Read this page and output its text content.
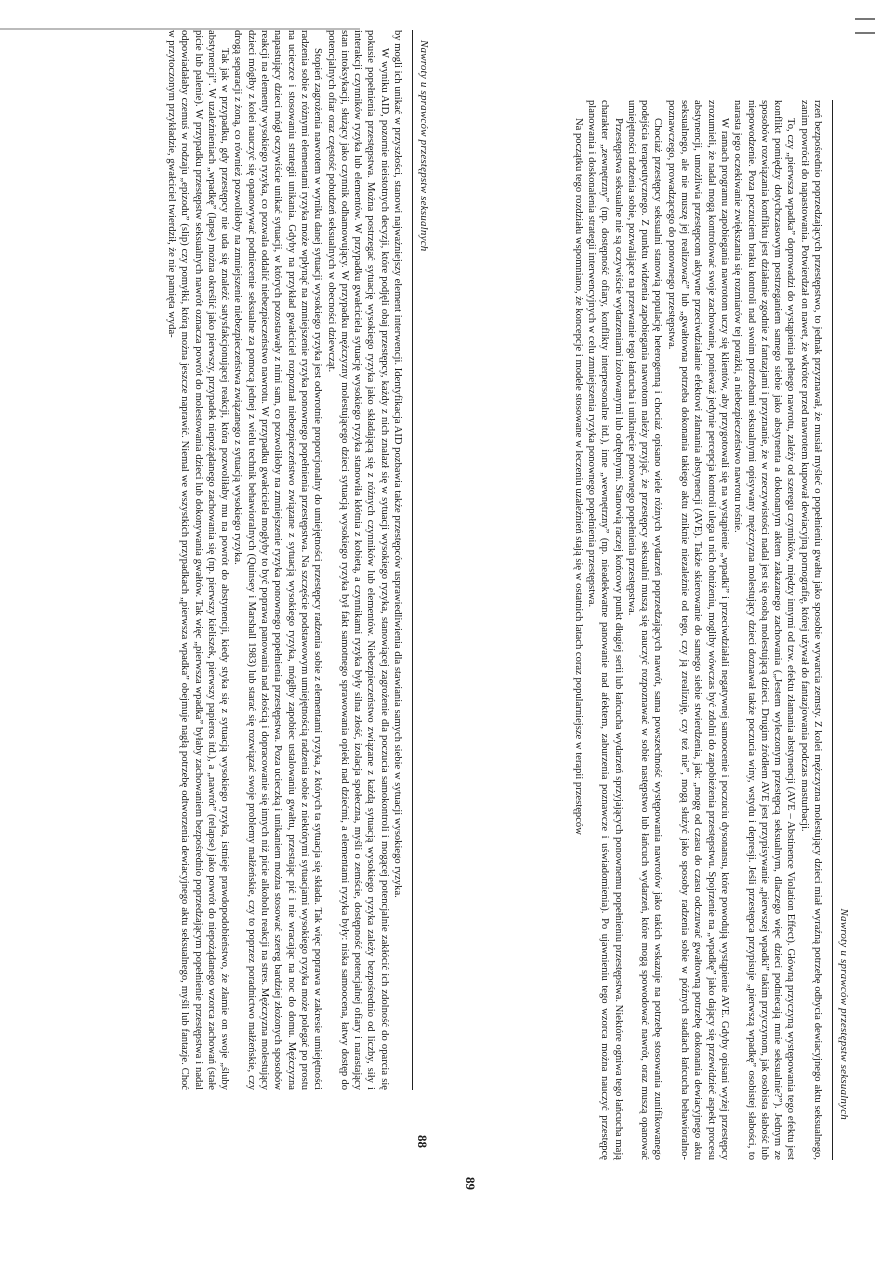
Nawroty u sprawców przestępstw seksualnych
88

by mogli ich unikać w przyszłości, stanowi najważniejszy element interwencji. Identyfikacja AID pozbawia także przestępców usprawiedliwienia dla stawiania samych siebie w sytuacji wysokiego ryzyka.

W wyniku AID, pozornie nieistotnych decyzji, które podjęli obaj przestępcy, każdy z nich znalazł się w sytuacji wysokiego ryzyka, stanowiącej zagrożenie dla poczucia samokontroli i mogącej potencjalnie zakłócić ich zdolność do oparcia się pokusie popełnienia przestępstwa. Można postrzegać sytuację wysokiego ryzyka jako składającą się z różnych czynników lub elementów. Niebezpieczeństwo związane z każdą sytuacją wysokiego ryzyka zależy bezpośrednio od liczby, siły i interakcji czynników ryzyka lub elementów. W przypadku gwałciciela sytuację wysokiego ryzyka stanowiła kłótnia z kobietą, a czynnikami ryzyka były silna złość, izolacja społeczna, myśli o zemście, dostępność potencjalnej ofiary i narastający stan intoksykacji, służący jako czynnik odhamowujący. W przypadku mężczyzny molestującego dzieci sytuacją wysokiego ryzyka był fakt samotnego sprawowania opieki nad dziećmi, a elementami ryzyka były: niska samoocena, łatwy dostęp do potencjalnych ofiar oraz częstość pobudzeń seksualnych w obecności dziewcząt.

Stopień zagrożenia nawrotem w wyniku danej sytuacji wysokiego ryzyka jest odwrotnie proporcjonalny do umiejętności przestępcy radzenia sobie z elementami ryzyka, z których ta sytuacja się składa. Tak więc poprawa w zakresie umiejętności radzenia sobie z różnymi elementami ryzyka może wpłynąć na zmniejszenie ryzyka ponownego popełnienia przestępstwa. Na szczęście podstawowym umiejętnością radzenia sobie z niektórymi sytuacjami wysokiego ryzyka może polegać po prostu na ucieczce i stosowaniu strategii unikania. Gdyby na przykład gwałciciel rozpoznał niebezpieczeństwo związane z sytuacją wysokiego ryzyka, mógłby zapobiec ustalowaniu gwałtu, przestając pić i nie wracając na noc do domu. Mężczyzna napastujący dzieci mógł oczywiście unikać sytuacji, w których pozostawały z nimi sam, co pozwoliłoby na zmniejszenie ryzyka ponownego popełnienia przestępstwa. Poza ucieczką i unikaniem można stosować szereg bardziej złożonych sposobów reakcji na elementy wysokiego ryzyka, co pozwala oddalić niebezpieczeństwo nawrotu. W przypadku gwałciciela mogłyby to być poprawa panowania nad złością i dopracowanie się innych niż picie alkoholu reakcji na stres. Mężczyzna molestujący dzieci mógłby z kolei nauczyć się opanowywać podniecenie seksualne za pomocą jednej z wielu technik behawioralnych (Quinsey i Marshall 1983) lub starać się rozwiązać swoje problemy małżeńskie, czy to poprzez poradnictwo małżeńskie, czy drogą separacji z żoną, co również pozwoliłoby na zmniejszenie niebezpieczeństwa związanego z sytuacją wysokiego ryzyka.

Tak jak w przypadku, gdy przestępcy nie uda się znaleźć satysfakcjonującej reakcji, która pozwoliłaby mu na powrót do abstynencji, kiedy styka się z sytuacją wysokiego ryzyka, istnieje prawdopodobieństwo, że złamie on swoje „śluby abstynencji”. W uzależnieniach „wpadkę” (lapse) można określić jako pierwszy, przypadek niepożądanego zachowania się (np. pierwszy kieliszek, pierwszy papieros itd.), a „nawrót” (relapse) jako powrót do niepożądanego wzorca zachowań (stałe picie lub palenie). W przypadku przestępstw seksualnych nawrót oznacza powrót do molestowania dzieci lub dokonywania gwałtów. Tak więc „pierwsza wpadka” byłaby zachowaniem bezpośrednio poprzedzającym popełnienie przestępstwa i nadal odpowiadałaby czemuś w rodzaju „epizodu” (slip) czy pomyłki, którą można jeszcze naprawić. Niemal we wszystkich przypadkach „pierwsza wpadka” obejmuje nagłą potrzebę odtworzenia dewiacyjnego aktu seksualnego, myśli lub fantazje. Choć w przytoczonym przykładzie, gwałciciel twierdził, że nie pamięta wyda-

Nawroty u sprawców przestępstw seksualnych
89

rzeń bezpośrednio poprzedzających przestępstwo, to jednak przyznawał, że musiał myśleć o popełnieniu gwałtu jako sposobie wywarcia zemsty. Z kolei mężczyzna molestujący dzieci miał wyraźną potrzebę odbycia dewiacyjnego aktu seksualnego, zanim powrócił do napastowania. Potwierdzał on nawet, że wkrótce przed nawrotem kupował dewiacyjną pornografię, której używał do fantazjowania podczas masturbacji.

To, czy „pierwsza wpadka” doprowadzi do wystąpienia pełnego nawrotu, zależy od szeregu czynników, między innymi od tzw. efektu złamania abstynencji (AVE – Abstinence Violation Effect). Główną przyczyną występowania tego efektu jest konflikt pomiędzy dotychczasowym postrzeganiem samego siebie jako abstynenta a dokonanym aktem zakazanego zachowania („Jestem wyleczonym przestępcą seksualnym, dlaczego więc dzieci podniecają mnie seksualnie?”). Jednym ze sposobów rozwiązania konfliktu jest działanie zgodnie z fantazjami i przyznanie, że w rzeczywistości nadal jest się osobą molestującą dzieci. Drugim źródłem AVE jest przypisywanie „pierwszej wpadki” takim przyczynom, jak osobista słabość lub niepowodzenie. Poza poczuciem braku kontroli nad swoim potrzebami seksualnymi opisywany mężczyzna molestujący dzieci doznawał także poczucia winy, wstydu i depresji. Jeśli przestępca przypisuje „pierwszą wpadkę” osobistej słabości, to narasta jego oczekiwanie zwiększania się rozmiarów tej porażki, a niebezpieczeństwo nawrotu rośnie.

W ramach programu zapobiegania nawrotom uczy się klientów, aby przygotowali się na wystąpienie „wpadki” i przeciwdziałali negatywnej samoocenie i poczuciu dysonansu, które powodują wystąpienie AVE. Gdyby opisani wyżej przestępcy zrozumieli, że nadal mogą kontrolować swoje zachowanie, ponieważ jedynie percepcja kontroli ulega u nich obniżeniu, mogliby wówczas być zdolni do zapobieżenia przestępstwu. Spojrzenie na „wpadkę” jako dający się przewidzieć aspekt procesu abstynencji, umożliwia przestępcom aktywne przeciwdziałanie efektowi złamania abstynencji (AVE). Także skierowanie do samego siebie stwierdzenia, jak: „mogę od czasu do czasu odczuwać gwałtowną potrzebę dokonania dewiacyjnego aktu seksualnego, ale nie muszę jej realizować” lub „gwałtowna potrzeba dokonania takiego aktu zniknie niezależnie od tego, czy ją zrealizuję, czy też nie”, mogą służyć jako sposoby radzenia sobie w późnych stadiach łańcucha behawioralno-poznawczego, prowadzącego do ponownego przestępstwa.

Chociaż przestępcy seksualni stanowią populację heterogenną i chociaż opisano wiele różnych wydarzeń poprzedzających nawrót, sama powszechność występowania nawrotów jako takich wskazuje na potrzebę stosowania zunifikowanego podejścia terapeutycznego. Z punktu widzenia zapobiegania nawrotom należy przyjąć, że przestępcy seksualni muszą się nauczyć rozpoznawać w sobie następstwo lub łańcuch wydarzeń, które mogą spowodować nawrót, oraz muszą opanować umiejętności radzenia sobie, pozwalające na przerwanie tego łańcucha i uniknięcie ponownego popełnienia przestępstwa.

Przestępstwa seksualne nie są oczywiście wydarzeniami izolowanymi lub odrębnymi. Stanowią raczej końcowy punkt długiej serii lub łańcucha wydarzeń sprzyjających ponownemu popełnieniu przestępstwa. Niektóre ogniwa tego łańcucha mają charakter „zewnętrzny” (np. dostępność ofiary, konflikty interpersonalne itd.), inne „wewnętrzny” (np. nieadekwatne panowanie nad afektem, zaburzenia poznawcze i uświadomienia). Po ujawnieniu tego wzorca można nauczyć przestępcę planowania i doskonalenia strategii interwencyjnych w celu zmniejszenia ryzyka ponownego popełnienia przestępstwa.

Na początku tego rozdziału wspomniano, że koncepcje i modele stosowane w leczeniu uzależnień stają się w ostatnich latach coraz popularniejsze w terapii przestępców
